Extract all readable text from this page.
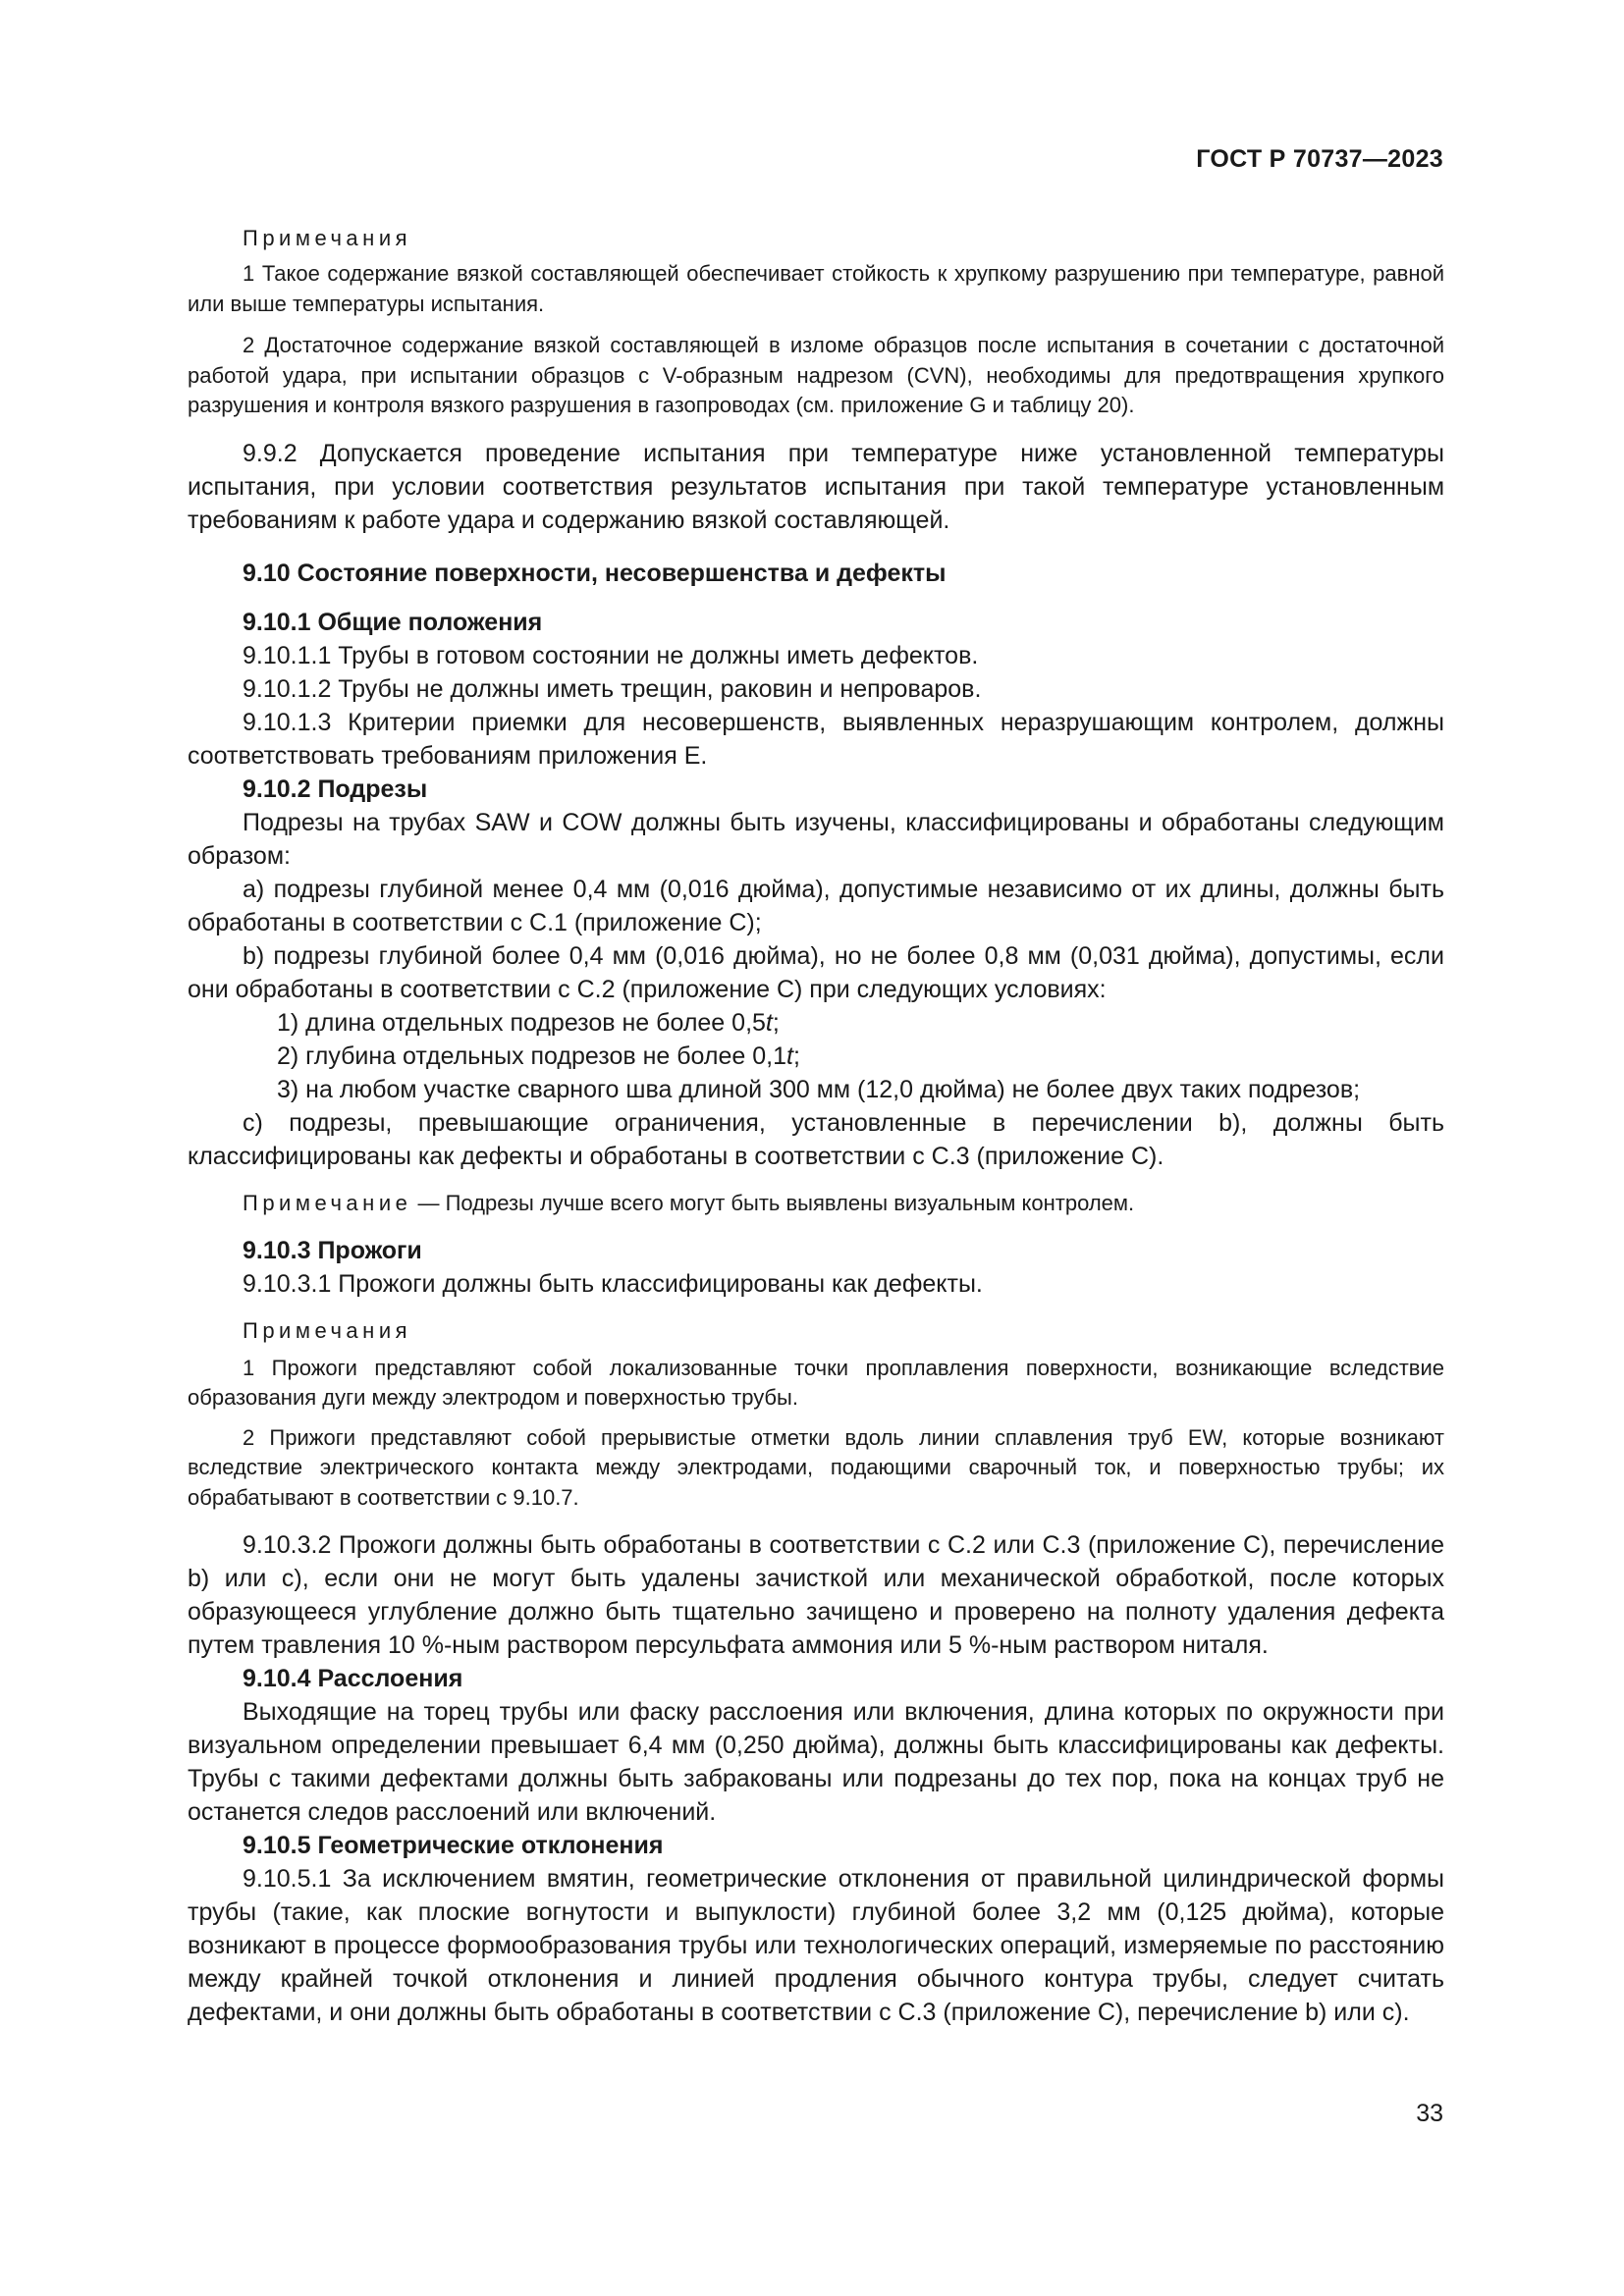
ГОСТ Р 70737—2023

Примечания

1 Такое содержание вязкой составляющей обеспечивает стойкость к хрупкому разрушению при температуре, равной или выше температуры испытания.

2 Достаточное содержание вязкой составляющей в изломе образцов после испытания в сочетании с достаточной работой удара, при испытании образцов с V-образным надрезом (CVN), необходимы для предотвращения хрупкого разрушения и контроля вязкого разрушения в газопроводах (см. приложение G и таблицу 20).

9.9.2 Допускается проведение испытания при температуре ниже установленной температуры испытания, при условии соответствия результатов испытания при такой температуре установленным требованиям к работе удара и содержанию вязкой составляющей.

9.10 Состояние поверхности, несовершенства и дефекты

9.10.1 Общие положения

9.10.1.1 Трубы в готовом состоянии не должны иметь дефектов.

9.10.1.2 Трубы не должны иметь трещин, раковин и непроваров.

9.10.1.3 Критерии приемки для несовершенств, выявленных неразрушающим контролем, должны соответствовать требованиям приложения E.

9.10.2 Подрезы

Подрезы на трубах SAW и COW должны быть изучены, классифицированы и обработаны следующим образом:

a) подрезы глубиной менее 0,4 мм (0,016 дюйма), допустимые независимо от их длины, должны быть обработаны в соответствии с C.1 (приложение C);

b) подрезы глубиной более 0,4 мм (0,016 дюйма), но не более 0,8 мм (0,031 дюйма), допустимы, если они обработаны в соответствии с C.2 (приложение C) при следующих условиях:

1) длина отдельных подрезов не более 0,5t;

2) глубина отдельных подрезов не более 0,1t;

3) на любом участке сварного шва длиной 300 мм (12,0 дюйма) не более двух таких подрезов;

c) подрезы, превышающие ограничения, установленные в перечислении b), должны быть классифицированы как дефекты и обработаны в соответствии с C.3 (приложение C).

Примечание — Подрезы лучше всего могут быть выявлены визуальным контролем.

9.10.3 Прожоги

9.10.3.1 Прожоги должны быть классифицированы как дефекты.

Примечания

1 Прожоги представляют собой локализованные точки проплавления поверхности, возникающие вследствие образования дуги между электродом и поверхностью трубы.

2 Прижоги представляют собой прерывистые отметки вдоль линии сплавления труб EW, которые возникают вследствие электрического контакта между электродами, подающими сварочный ток, и поверхностью трубы; их обрабатывают в соответствии с 9.10.7.

9.10.3.2 Прожоги должны быть обработаны в соответствии с C.2 или C.3 (приложение C), перечисление b) или c), если они не могут быть удалены зачисткой или механической обработкой, после которых образующееся углубление должно быть тщательно зачищено и проверено на полноту удаления дефекта путем травления 10 %-ным раствором персульфата аммония или 5 %-ным раствором ниталя.

9.10.4 Расслоения

Выходящие на торец трубы или фаску расслоения или включения, длина которых по окружности при визуальном определении превышает 6,4 мм (0,250 дюйма), должны быть классифицированы как дефекты. Трубы с такими дефектами должны быть забракованы или подрезаны до тех пор, пока на концах труб не останется следов расслоений или включений.

9.10.5 Геометрические отклонения

9.10.5.1 За исключением вмятин, геометрические отклонения от правильной цилиндрической формы трубы (такие, как плоские вогнутости и выпуклости) глубиной более 3,2 мм (0,125 дюйма), которые возникают в процессе формообразования трубы или технологических операций, измеряемые по расстоянию между крайней точкой отклонения и линией продления обычного контура трубы, следует считать дефектами, и они должны быть обработаны в соответствии с C.3 (приложение C), перечисление b) или c).

33
